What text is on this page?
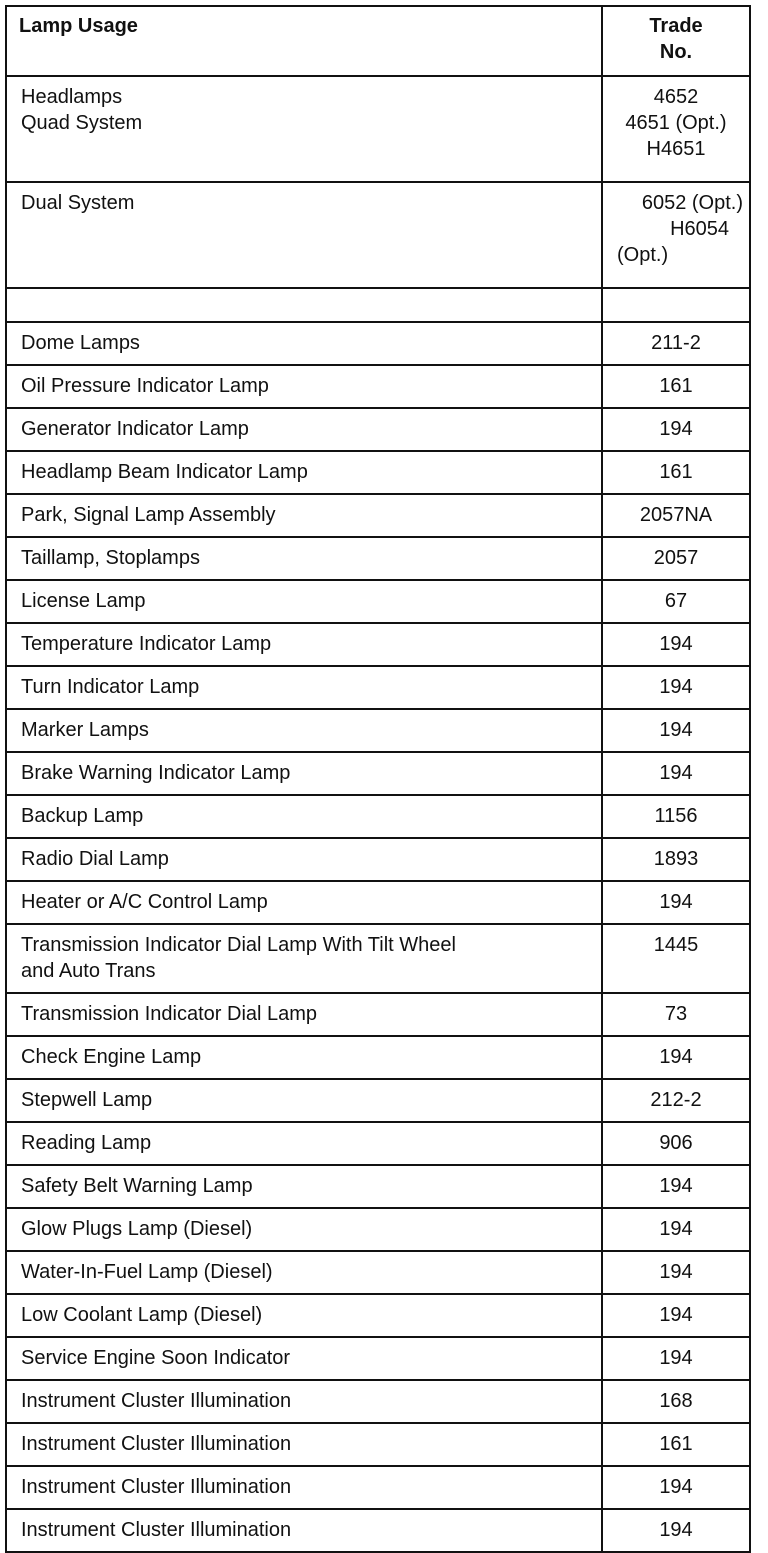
Lamp Usage	Trade
No.

Headlamps
Quad System	4652
4651 (Opt.)
H4651

Dual System	6052 (Opt.)
H6054
(Opt.)

Dome Lamps	211-2
Oil Pressure Indicator Lamp	161
Generator Indicator Lamp	194
Headlamp Beam Indicator Lamp	161
Park, Signal Lamp Assembly	2057NA
Taillamp, Stoplamps	2057
License Lamp	67
Temperature Indicator Lamp	194
Turn Indicator Lamp	194
Marker Lamps	194
Brake Warning Indicator Lamp	194
Backup Lamp	1156
Radio Dial Lamp	1893
Heater or A/C Control Lamp	194

Transmission Indicator Dial Lamp With Tilt Wheel
and Auto Trans	1445
Transmission Indicator Dial Lamp	73
Check Engine Lamp	194
Stepwell Lamp	212-2
Reading Lamp	906
Safety Belt Warning Lamp	194
Glow Plugs Lamp (Diesel)	194
Water-In-Fuel Lamp (Diesel)	194
Low Coolant Lamp (Diesel)	194
Service Engine Soon Indicator	194
Instrument Cluster Illumination	168
Instrument Cluster Illumination	161
Instrument Cluster Illumination	194
Instrument Cluster Illumination	194
